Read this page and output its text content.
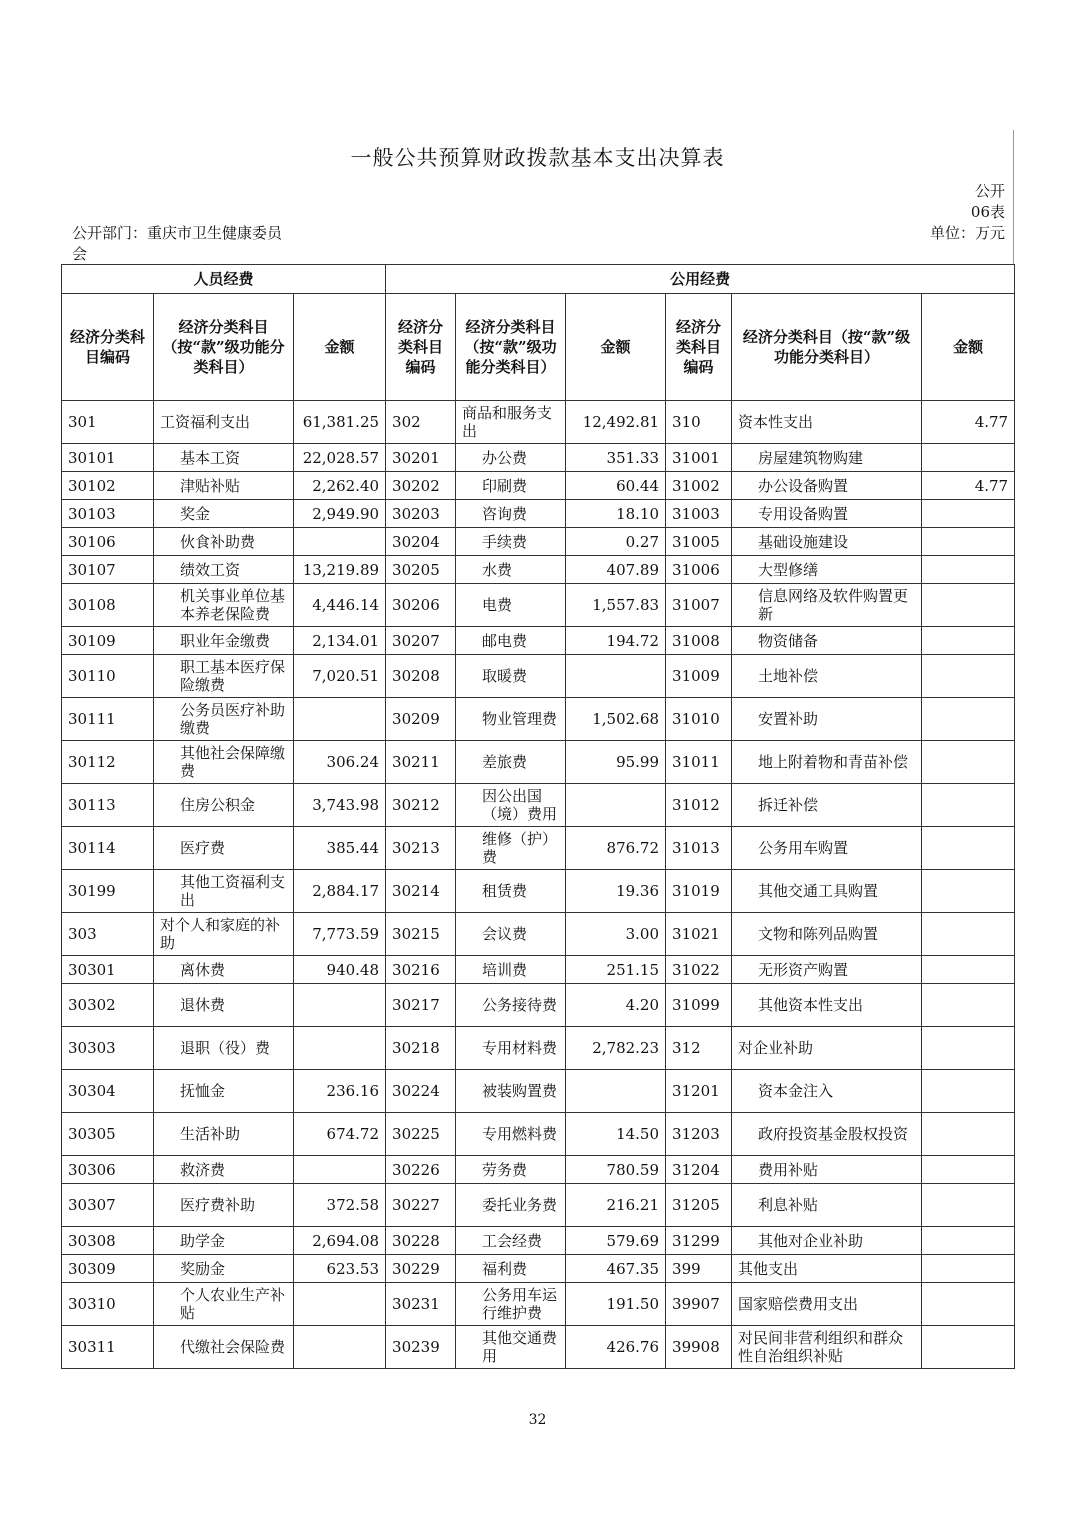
一般公共预算财政拨款基本支出决算表
公开06表
公开部门：重庆市卫生健康委员会
单位：万元
人员经费			公用经费					
经济分类科目编码	经济分类科目（按“款”级功能分类科目）	金额	经济分类科目编码	经济分类科目（按“款”级功能分类科目）	金额	经济分类科目编码	经济分类科目（按“款”级功能分类科目）	金额
301	工资福利支出	61,381.25	302	商品和服务支出	12,492.81	310	资本性支出	4.77
30101	基本工资	22,028.57	30201	办公费	351.33	31001	房屋建筑物购建	
30102	津贴补贴	2,262.40	30202	印刷费	60.44	31002	办公设备购置	4.77
30103	奖金	2,949.90	30203	咨询费	18.10	31003	专用设备购置	
30106	伙食补助费		30204	手续费	0.27	31005	基础设施建设	
30107	绩效工资	13,219.89	30205	水费	407.89	31006	大型修缮	
30108	机关事业单位基本养老保险费	4,446.14	30206	电费	1,557.83	31007	信息网络及软件购置更新	
30109	职业年金缴费	2,134.01	30207	邮电费	194.72	31008	物资储备	
30110	职工基本医疗保险缴费	7,020.51	30208	取暖费		31009	土地补偿	
30111	公务员医疗补助缴费		30209	物业管理费	1,502.68	31010	安置补助	
30112	其他社会保障缴费	306.24	30211	差旅费	95.99	31011	地上附着物和青苗补偿	
30113	住房公积金	3,743.98	30212	因公出国（境）费用		31012	拆迁补偿	
30114	医疗费	385.44	30213	维修（护）费	876.72	31013	公务用车购置	
30199	其他工资福利支出	2,884.17	30214	租赁费	19.36	31019	其他交通工具购置	
303	对个人和家庭的补助	7,773.59	30215	会议费	3.00	31021	文物和陈列品购置	
30301	离休费	940.48	30216	培训费	251.15	31022	无形资产购置	
30302	退休费		30217	公务接待费	4.20	31099	其他资本性支出	
30303	退职（役）费		30218	专用材料费	2,782.23	312	对企业补助	
30304	抚恤金	236.16	30224	被装购置费		31201	资本金注入	
30305	生活补助	674.72	30225	专用燃料费	14.50	31203	政府投资基金股权投资	
30306	救济费		30226	劳务费	780.59	31204	费用补贴	
30307	医疗费补助	372.58	30227	委托业务费	216.21	31205	利息补贴	
30308	助学金	2,694.08	30228	工会经费	579.69	31299	其他对企业补助	
30309	奖励金	623.53	30229	福利费	467.35	399	其他支出	
30310	个人农业生产补贴		30231	公务用车运行维护费	191.50	39907	国家赔偿费用支出	
30311	代缴社会保险费		30239	其他交通费用	426.76	39908	对民间非营利组织和群众性自治组织补贴	
32
